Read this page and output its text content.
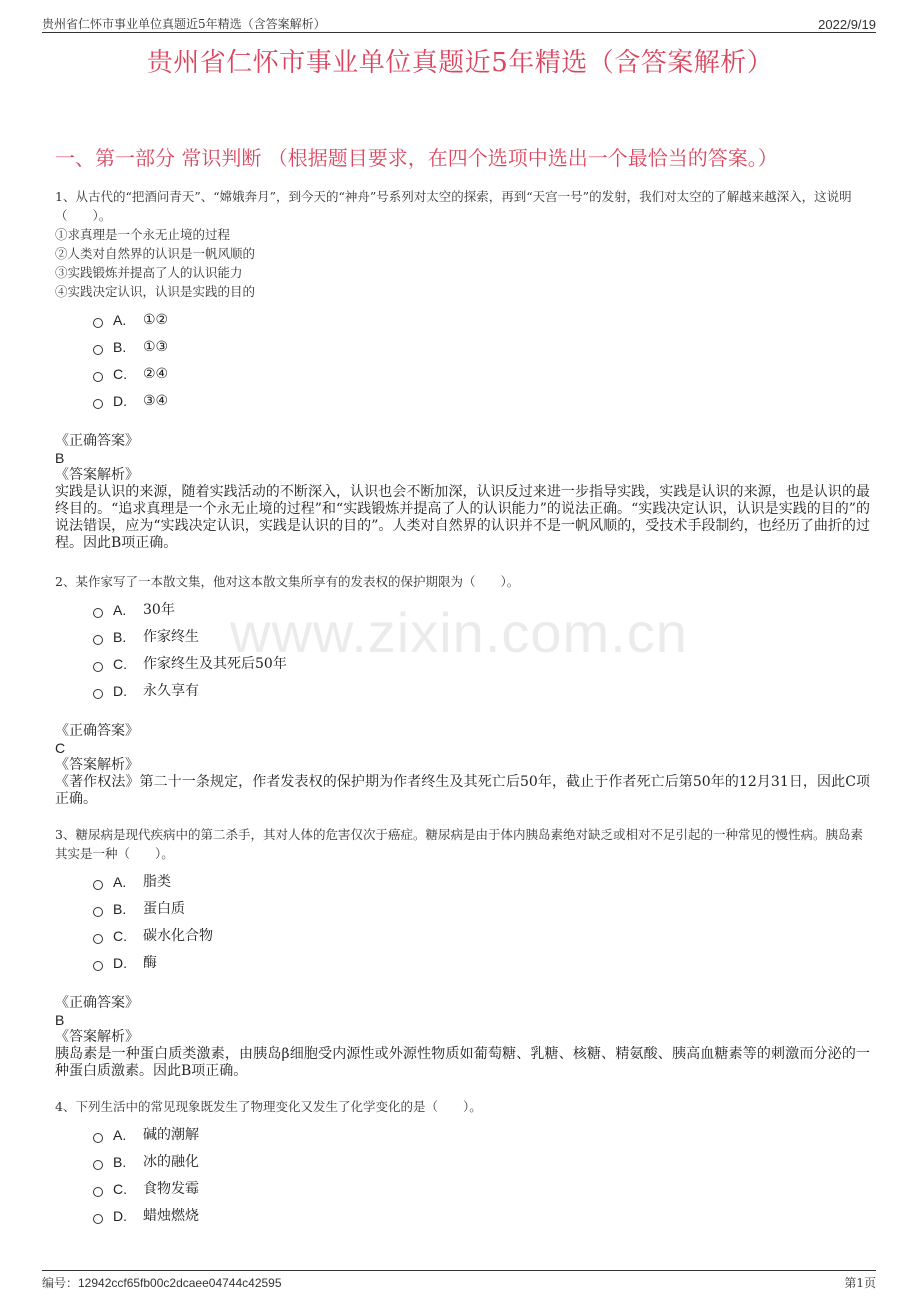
贵州省仁怀市事业单位真题近5年精选（含答案解析）	2022/9/19
贵州省仁怀市事业单位真题近5年精选（含答案解析）
一、第一部分 常识判断 （根据题目要求，在四个选项中选出一个最恰当的答案。）
www.zixin.com.cn

1、从古代的“把酒问青天”、“嫦娥奔月”，到今天的“神舟”号系列对太空的探索，再到“天宫一号”的发射，我们对太空的了解越来越深入，这说明（　　）。

①求真理是一个永无止境的过程

②人类对自然界的认识是一帆风顺的

③实践锻炼并提高了人的认识能力

④实践决定认识，认识是实践的目的

A.	①②
B.	①③
C.	②④
D.	③④

《正确答案》

B

《答案解析》

实践是认识的来源，随着实践活动的不断深入，认识也会不断加深，认识反过来进一步指导实践，实践是认识的来源，也是认识的最终目的。“追求真理是一个永无止境的过程”和“实践锻炼并提高了人的认识能力”的说法正确。“实践决定认识，认识是实践的目的”的说法错误，应为“实践决定认识，实践是认识的目的”。人类对自然界的认识并不是一帆风顺的，受技术手段制约，也经历了曲折的过程。因此B项正确。

2、某作家写了一本散文集，他对这本散文集所享有的发表权的保护期限为（　　）。

A.	30年
B.	作家终生
C.	作家终生及其死后50年
D.	永久享有

《正确答案》

C

《答案解析》

《著作权法》第二十一条规定，作者发表权的保护期为作者终生及其死亡后50年，截止于作者死亡后第50年的12月31日，因此C项正确。

3、糖尿病是现代疾病中的第二杀手，其对人体的危害仅次于癌症。糖尿病是由于体内胰岛素绝对缺乏或相对不足引起的一种常见的慢性病。胰岛素其实是一种（　　）。

A.	脂类
B.	蛋白质
C.	碳水化合物
D.	酶

《正确答案》

B

《答案解析》

胰岛素是一种蛋白质类激素，由胰岛β细胞受内源性或外源性物质如葡萄糖、乳糖、核糖、精氨酸、胰高血糖素等的刺激而分泌的一种蛋白质激素。因此B项正确。

4、下列生活中的常见现象既发生了物理变化又发生了化学变化的是（　　）。

A.	碱的潮解
B.	冰的融化
C.	食物发霉
D.	蜡烛燃烧
编号：12942ccf65fb00c2dcaee04744c42595	第1页
